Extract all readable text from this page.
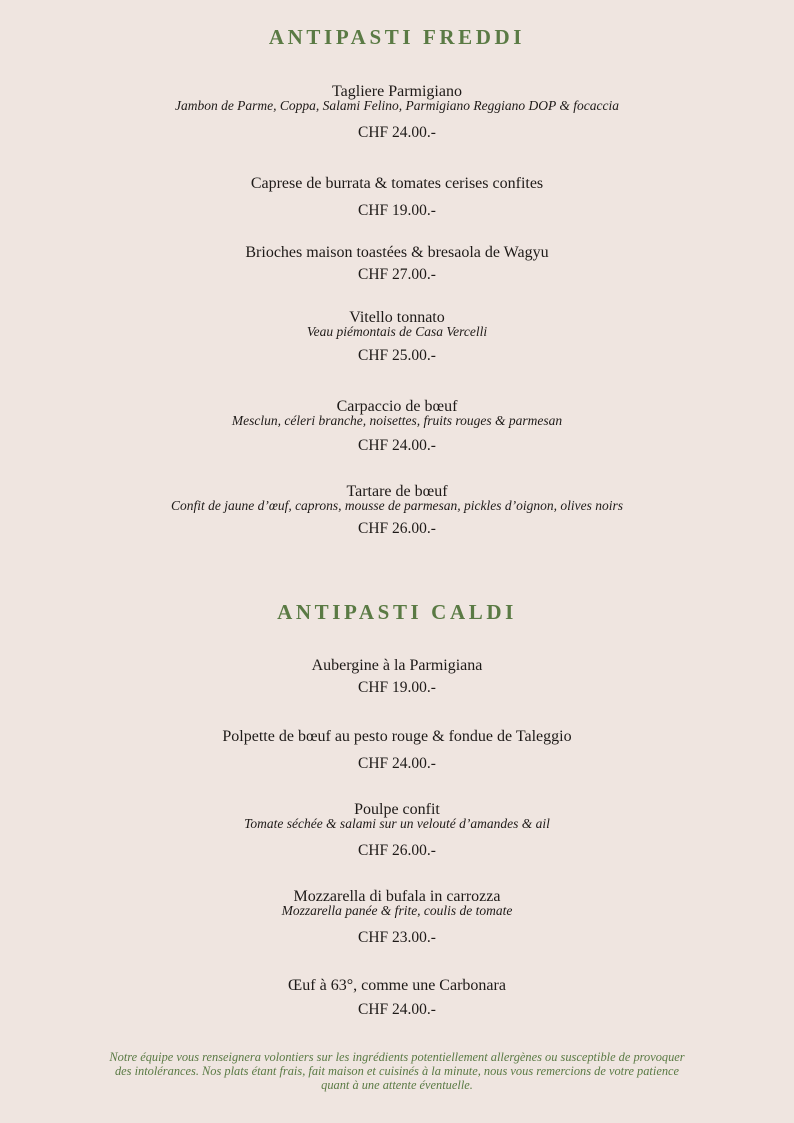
ANTIPASTI FREDDI
Tagliere Parmigiano
Jambon de Parme, Coppa, Salami Felino, Parmigiano Reggiano DOP & focaccia
CHF 24.00.-
Caprese de burrata & tomates cerises confites
CHF 19.00.-
Brioches maison toastées & bresaola de Wagyu
CHF 27.00.-
Vitello tonnato
Veau piémontais de Casa Vercelli
CHF 25.00.-
Carpaccio de bœuf
Mesclun, céleri branche, noisettes, fruits rouges & parmesan
CHF 24.00.-
Tartare de bœuf
Confit de jaune d’œuf, caprons, mousse de parmesan, pickles d’oignon, olives noirs
CHF 26.00.-
ANTIPASTI CALDI
Aubergine à la Parmigiana
CHF 19.00.-
Polpette de bœuf au pesto rouge & fondue de Taleggio
CHF 24.00.-
Poulpe confit
Tomate séchée & salami sur un velouté d’amandes & ail
CHF 26.00.-
Mozzarella di bufala in carrozza
Mozzarella panée & frite, coulis de tomate
CHF 23.00.-
Œuf à 63°, comme une Carbonara
CHF 24.00.-
Notre équipe vous renseignera volontiers sur les ingrédients potentiellement allergènes ou susceptible de provoquer
des intolérances. Nos plats étant frais, fait maison et cuisinés à la minute, nous vous remercions de votre patience
quant à une attente éventuelle.
